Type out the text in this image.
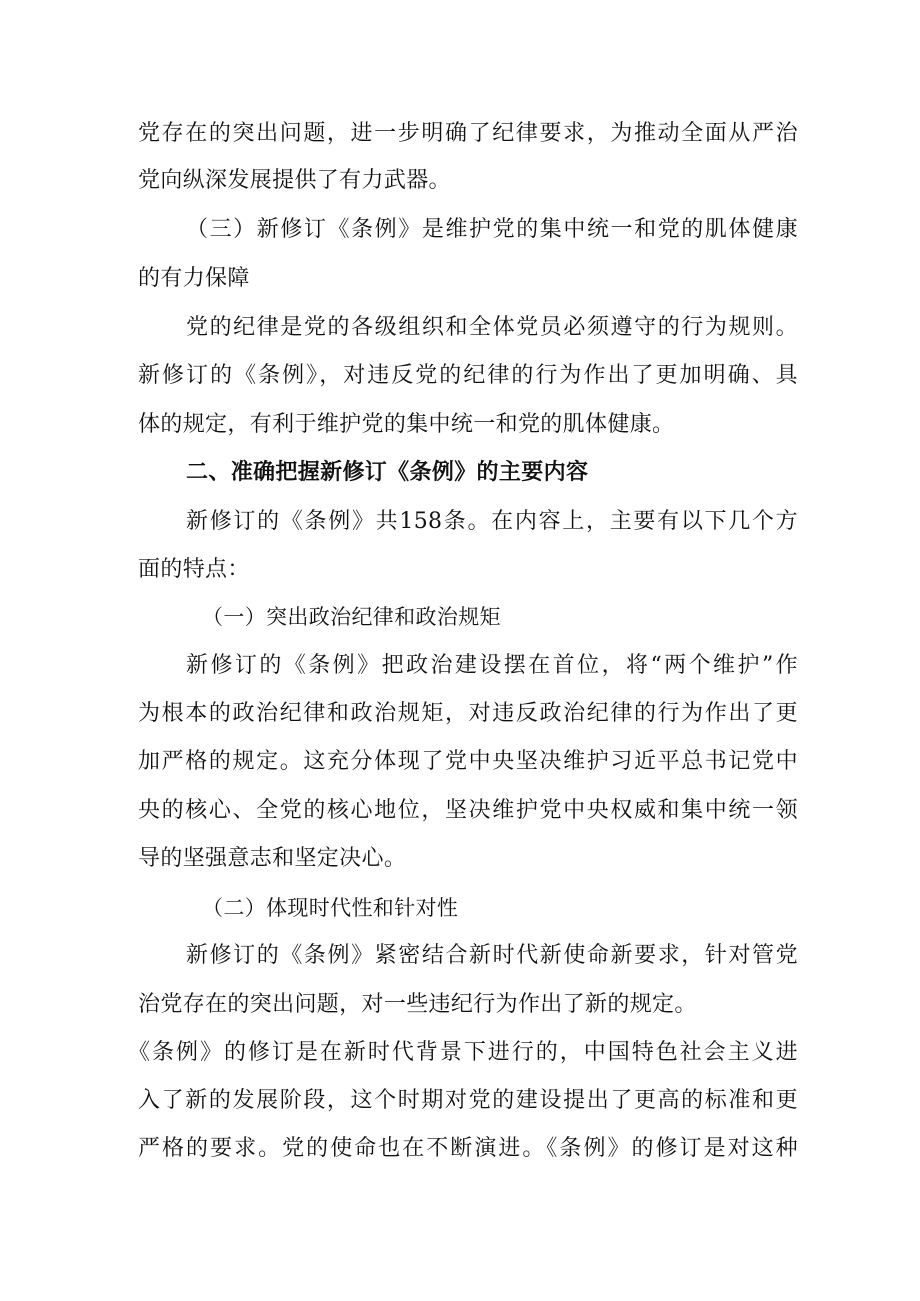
党存在的突出问题，进一步明确了纪律要求，为推动全面从严治
党向纵深发展提供了有力武器。
（三）新修订《条例》是维护党的集中统一和党的肌体健康
的有力保障
党的纪律是党的各级组织和全体党员必须遵守的行为规则。
新修订的《条例》，对违反党的纪律的行为作出了更加明确、具
体的规定，有利于维护党的集中统一和党的肌体健康。
二、准确把握新修订《条例》的主要内容
新修订的《条例》共158条。在内容上，主要有以下几个方
面的特点：
（一）突出政治纪律和政治规矩
新修订的《条例》把政治建设摆在首位，将“两个维护”作
为根本的政治纪律和政治规矩，对违反政治纪律的行为作出了更
加严格的规定。这充分体现了党中央坚决维护习近平总书记党中
央的核心、全党的核心地位，坚决维护党中央权威和集中统一领
导的坚强意志和坚定决心。
（二）体现时代性和针对性
新修订的《条例》紧密结合新时代新使命新要求，针对管党
治党存在的突出问题，对一些违纪行为作出了新的规定。
《条例》的修订是在新时代背景下进行的，中国特色社会主义进
入了新的发展阶段，这个时期对党的建设提出了更高的标准和更
严格的要求。党的使命也在不断演进。《条例》的修订是对这种
